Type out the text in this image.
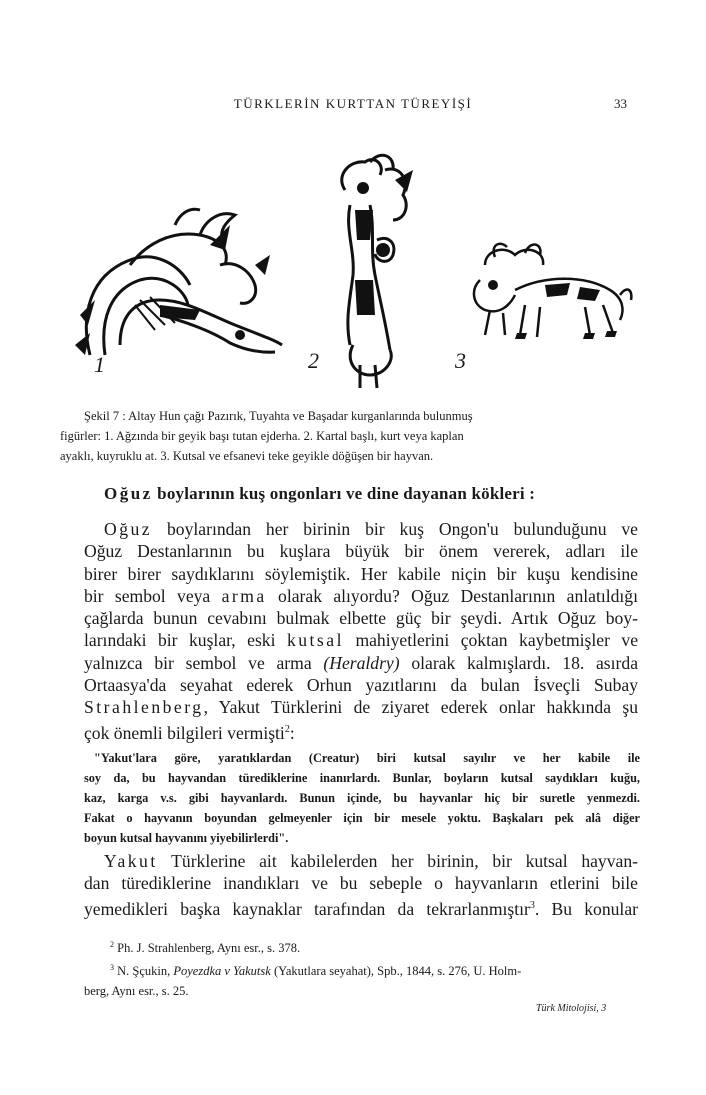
TÜRKLERİN KURTTAN TÜREYİŞİ	33
1	2	3
Şekil 7 : Altay Hun çağı Pazırık, Tuyahta ve Başadar kurganlarında bulunmuş
figürler: 1. Ağzında bir geyik başı tutan ejderha. 2. Kartal başlı, kurt veya kaplan
ayaklı, kuyruklu at. 3. Kutsal ve efsanevi teke geyikle döğüşen bir hayvan.
Oğuz boylarının kuş ongonları ve dine dayanan kökleri :
Oğuz boylarından her birinin bir kuş Ongon'u bulunduğunu ve
Oğuz Destanlarının bu kuşlara büyük bir önem vererek, adları ile
birer birer saydıklarını söylemiştik. Her kabile niçin bir kuşu kendisine
bir sembol veya arma olarak alıyordu? Oğuz Destanlarının anlatıldığı
çağlarda bunun cevabını bulmak elbette güç bir şeydi. Artık Oğuz boy-
larındaki bir kuşlar, eski kutsal mahiyetlerini çoktan kaybetmişler ve
yalnızca bir sembol ve arma (Heraldry) olarak kalmışlardı. 18. asırda
Ortaasya'da seyahat ederek Orhun yazıtlarını da bulan İsveçli Subay
Strahlenberg, Yakut Türklerini de ziyaret ederek onlar hakkında şu
çok önemli bilgileri vermişti$^2$:
"Yakut'lara göre, yaratıklardan (Creatur) biri kutsal sayılır ve her kabile ile
soy da, bu hayvandan türediklerine inanırlardı. Bunlar, boyların kutsal saydıkları kuğu,
kaz, karga v.s. gibi hayvanlardı. Bunun içinde, bu hayvanlar hiç bir suretle yenmezdi.
Fakat o hayvanın boyundan gelmeyenler için bir mesele yoktu. Başkaları pek alâ diğer
boyun kutsal hayvanını yiyebilirlerdi".
Yakut Türklerine ait kabilelerden her birinin, bir kutsal hayvan-
dan türediklerine inandıkları ve bu sebeple o hayvanların etlerini bile
yemedikleri başka kaynaklar tarafından da tekrarlanmıştır$^3$. Bu konular
$^2$ Ph. J. Strahlenberg, Aynı esr., s. 378.
$^3$ N. Şçukin, Poyezdka v Yakutsk (Yakutlara seyahat), Spb., 1844, s. 276, U. Holm-
berg, Aynı esr., s. 25.
Türk Mitolojisi, 3
